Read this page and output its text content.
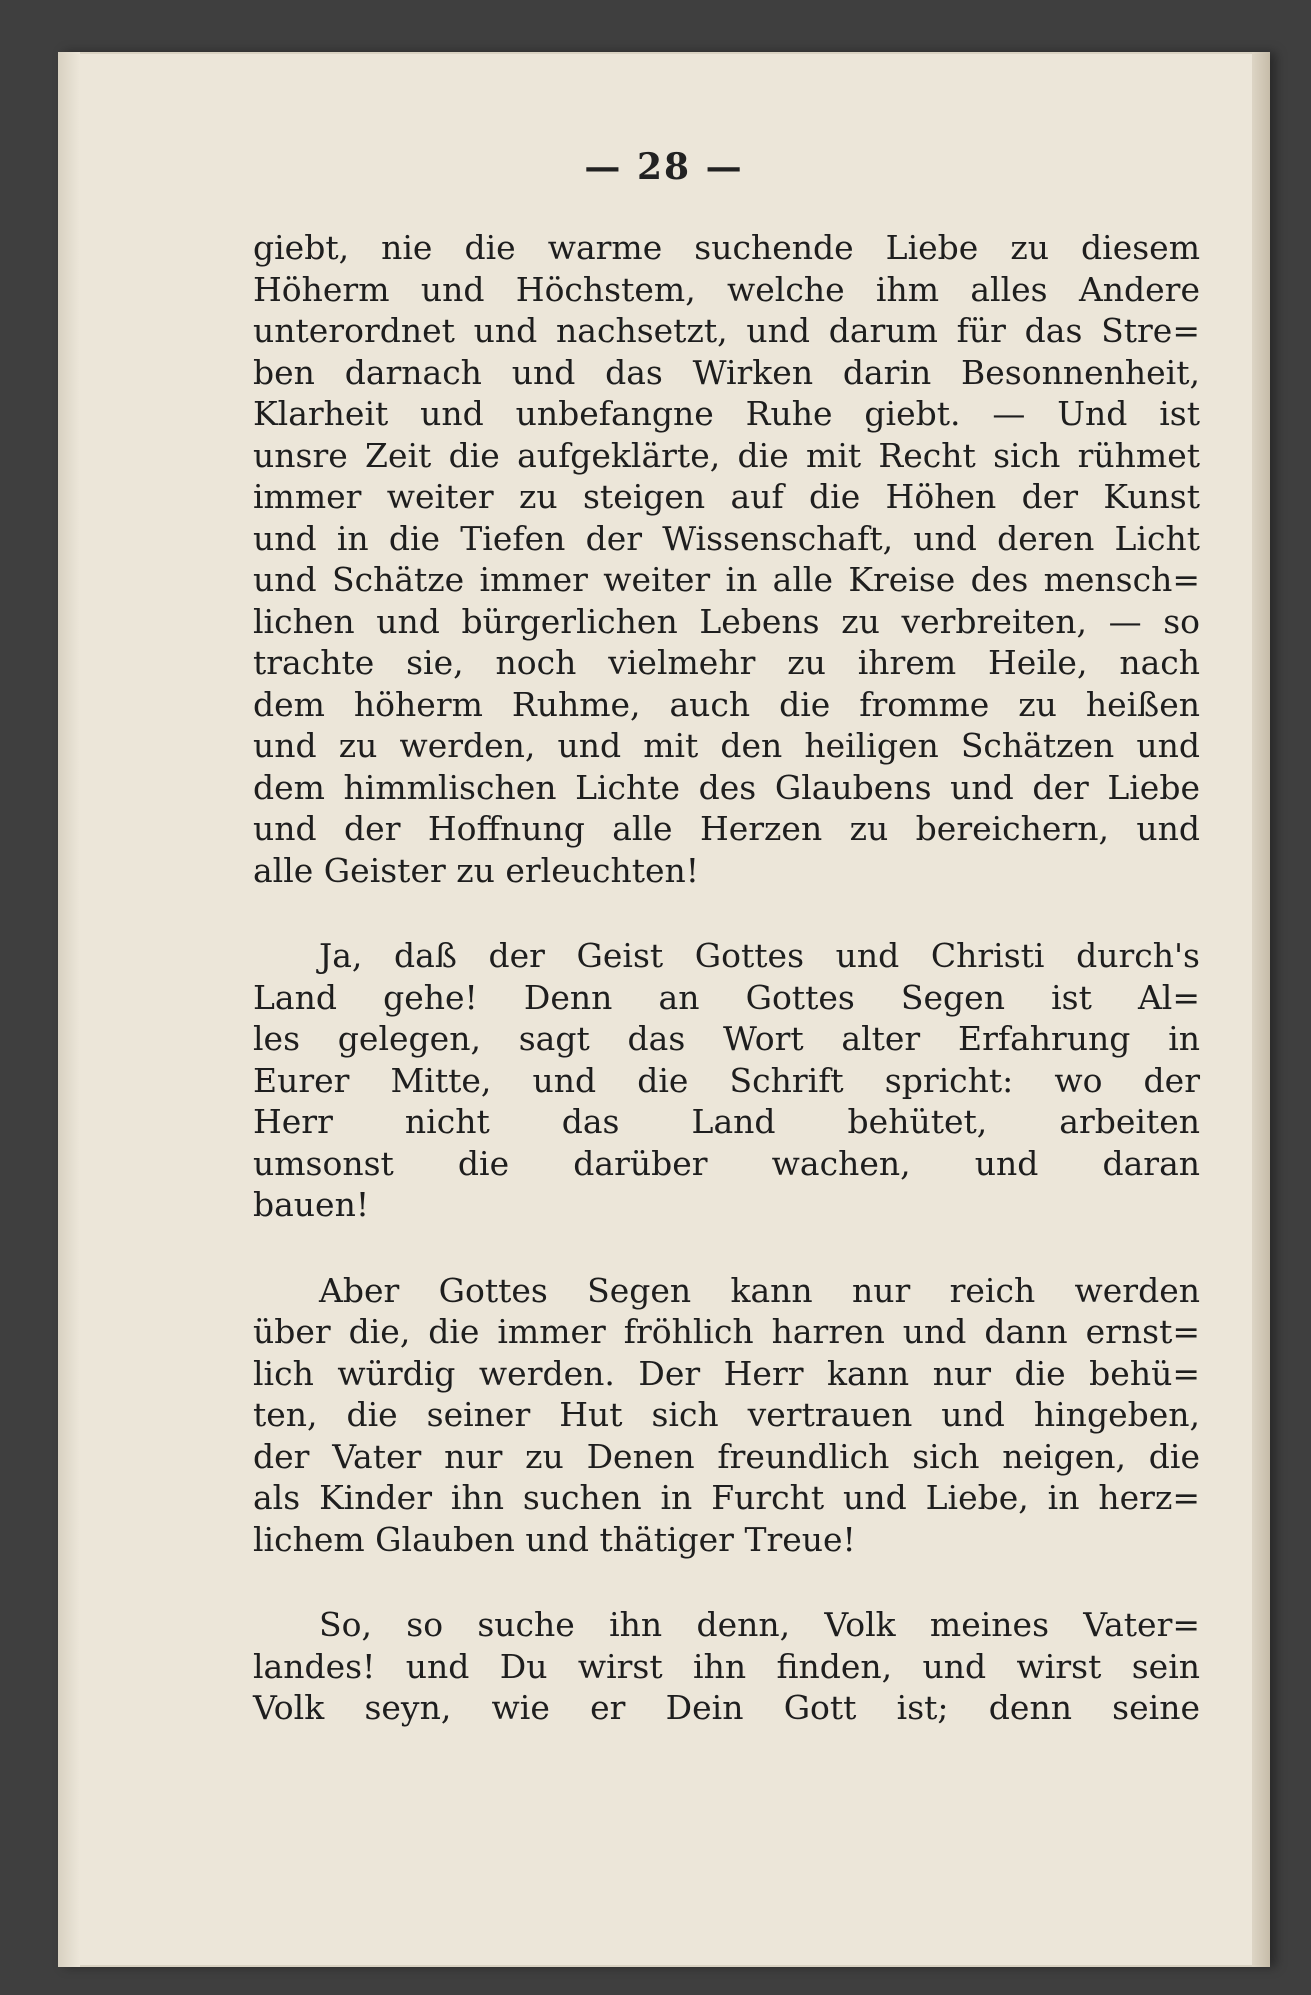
— 28 —

giebt, nie die warme suchende Liebe zu diesem
Höherm und Höchstem, welche ihm alles Andere
unterordnet und nachsetzt, und darum für das Stre=
ben darnach und das Wirken darin Besonnenheit,
Klarheit und unbefangne Ruhe giebt. — Und ist
unsre Zeit die aufgeklärte, die mit Recht sich rühmet
immer weiter zu steigen auf die Höhen der Kunst
und in die Tiefen der Wissenschaft, und deren Licht
und Schätze immer weiter in alle Kreise des mensch=
lichen und bürgerlichen Lebens zu verbreiten, — so
trachte sie, noch vielmehr zu ihrem Heile, nach
dem höherm Ruhme, auch die fromme zu heißen
und zu werden, und mit den heiligen Schätzen und
dem himmlischen Lichte des Glaubens und der Liebe
und der Hoffnung alle Herzen zu bereichern, und
alle Geister zu erleuchten!

Ja, daß der Geist Gottes und Christi durch's
Land gehe! Denn an Gottes Segen ist Al=
les gelegen, sagt das Wort alter Erfahrung in
Eurer Mitte, und die Schrift spricht: wo der
Herr nicht das Land behütet, arbeiten
umsonst die darüber wachen, und daran
bauen!

Aber Gottes Segen kann nur reich werden
über die, die immer fröhlich harren und dann ernst=
lich würdig werden. Der Herr kann nur die behü=
ten, die seiner Hut sich vertrauen und hingeben,
der Vater nur zu Denen freundlich sich neigen, die
als Kinder ihn suchen in Furcht und Liebe, in herz=
lichem Glauben und thätiger Treue!

So, so suche ihn denn, Volk meines Vater=
landes! und Du wirst ihn finden, und wirst sein
Volk seyn, wie er Dein Gott ist; denn seine
